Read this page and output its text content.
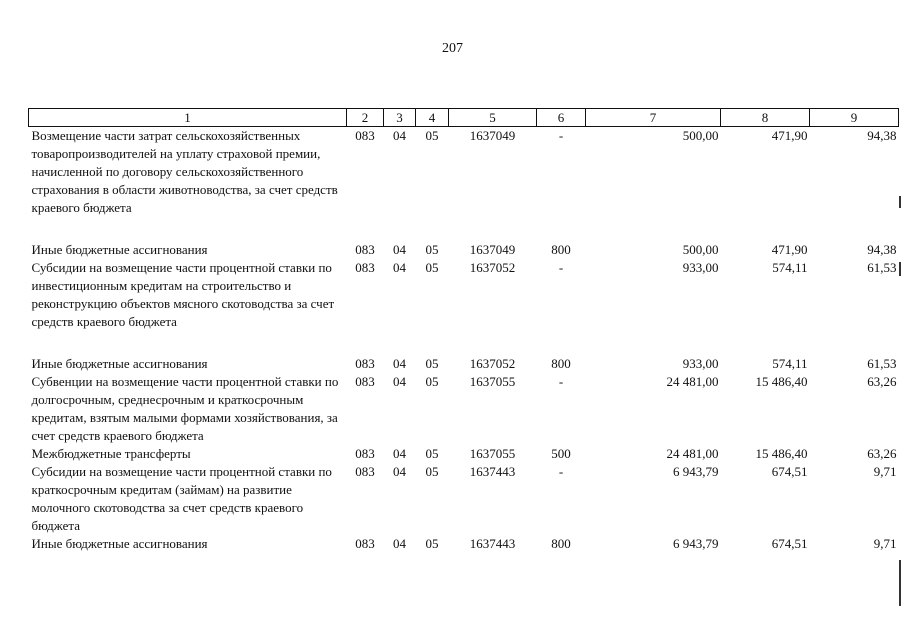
207
1	2	3	4	5	6	7	8	9
Возмещение части затрат сельскохозяйственных товаропроизводителей на уплату страховой премии, начисленной по договору сельскохозяйственного страхования в области животноводства, за счет средств краевого бюджета	083	04	05	1637049	-	500,00	471,90	94,38

Иные бюджетные ассигнования	083	04	05	1637049	800	500,00	471,90	94,38
Субсидии на возмещение части процентной ставки по инвестиционным кредитам на строительство и реконструкцию объектов мясного скотоводства за счет средств краевого бюджета	083	04	05	1637052	-	933,00	574,11	61,53

Иные бюджетные ассигнования	083	04	05	1637052	800	933,00	574,11	61,53
Субвенции на возмещение части процентной ставки по долгосрочным, среднесрочным и краткосрочным кредитам, взятым малыми формами хозяйствования, за счет средств краевого бюджета	083	04	05	1637055	-	24 481,00	15 486,40	63,26
Межбюджетные трансферты	083	04	05	1637055	500	24 481,00	15 486,40	63,26
Субсидии на возмещение части процентной ставки по краткосрочным кредитам (займам) на развитие молочного скотоводства за счет средств краевого бюджета	083	04	05	1637443	-	6 943,79	674,51	9,71
Иные бюджетные ассигнования	083	04	05	1637443	800	6 943,79	674,51	9,71
